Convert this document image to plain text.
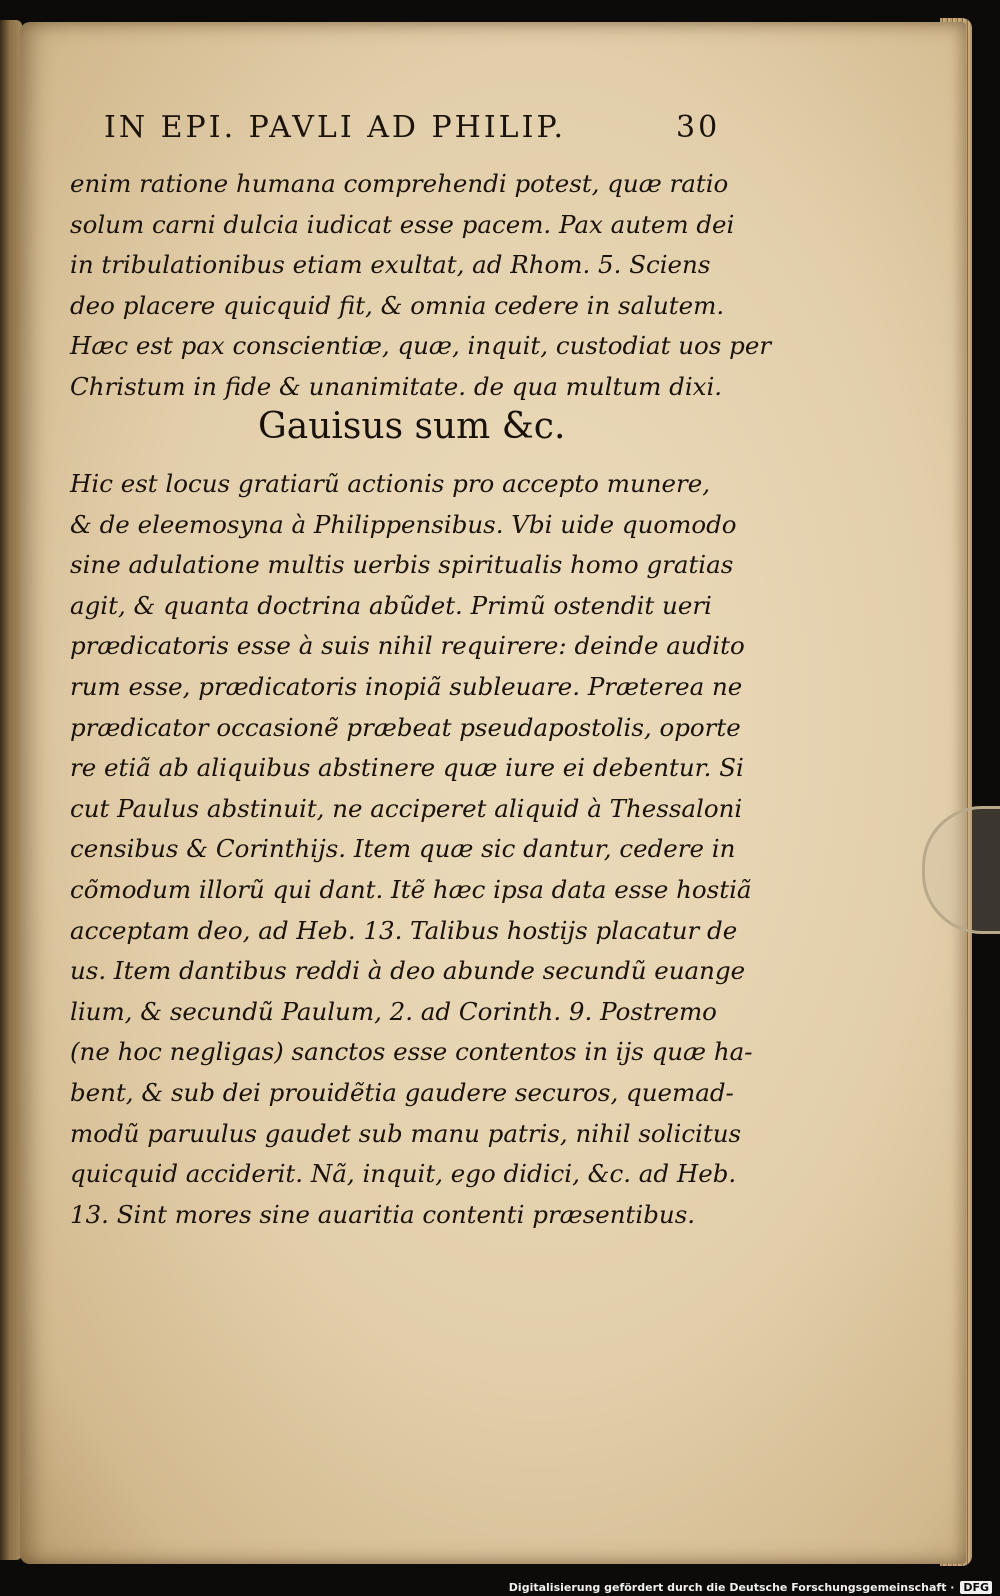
IN EPI. PAVLI AD PHILIP.	30
enim ratione humana comprehendi potest, quæ ratio
solum carni dulcia iudicat esse pacem. Pax autem dei
in tribulationibus etiam exultat, ad Rhom. 5. Sciens
deo placere quicquid fit, & omnia cedere in salutem.
Hæc est pax conscientiæ, quæ, inquit, custodiat uos per
Christum in fide & unanimitate. de qua multum dixi.
Gauisus sum &c.
Hic est locus gratiarũ actionis pro accepto munere,
& de eleemosyna à Philippensibus. Vbi uide quomodo
sine adulatione multis uerbis spiritualis homo gratias
agit, & quanta doctrina abũdet. Primũ ostendit ueri
prædicatoris esse à suis nihil requirere: deinde audito
rum esse, prædicatoris inopiã subleuare. Præterea ne
prædicator occasionẽ præbeat pseudapostolis, oporte
re etiã ab aliquibus abstinere quæ iure ei debentur. Si
cut Paulus abstinuit, ne acciperet aliquid à Thessaloni
censibus & Corinthijs. Item quæ sic dantur, cedere in
cõmodum illorũ qui dant. Itẽ hæc ipsa data esse hostiã
acceptam deo, ad Heb. 13. Talibus hostijs placatur de
us. Item dantibus reddi à deo abunde secundũ euange
lium, & secundũ Paulum, 2. ad Corinth. 9. Postremo
(ne hoc negligas) sanctos esse contentos in ijs quæ ha-
bent, & sub dei prouidẽtia gaudere securos, quemad-
modũ paruulus gaudet sub manu patris, nihil solicitus
quicquid acciderit. Nã, inquit, ego didici, &c. ad Heb.
13. Sint mores sine auaritia contenti præsentibus.
Digitalisierung gefördert durch die Deutsche Forschungsgemeinschaft · DFG
